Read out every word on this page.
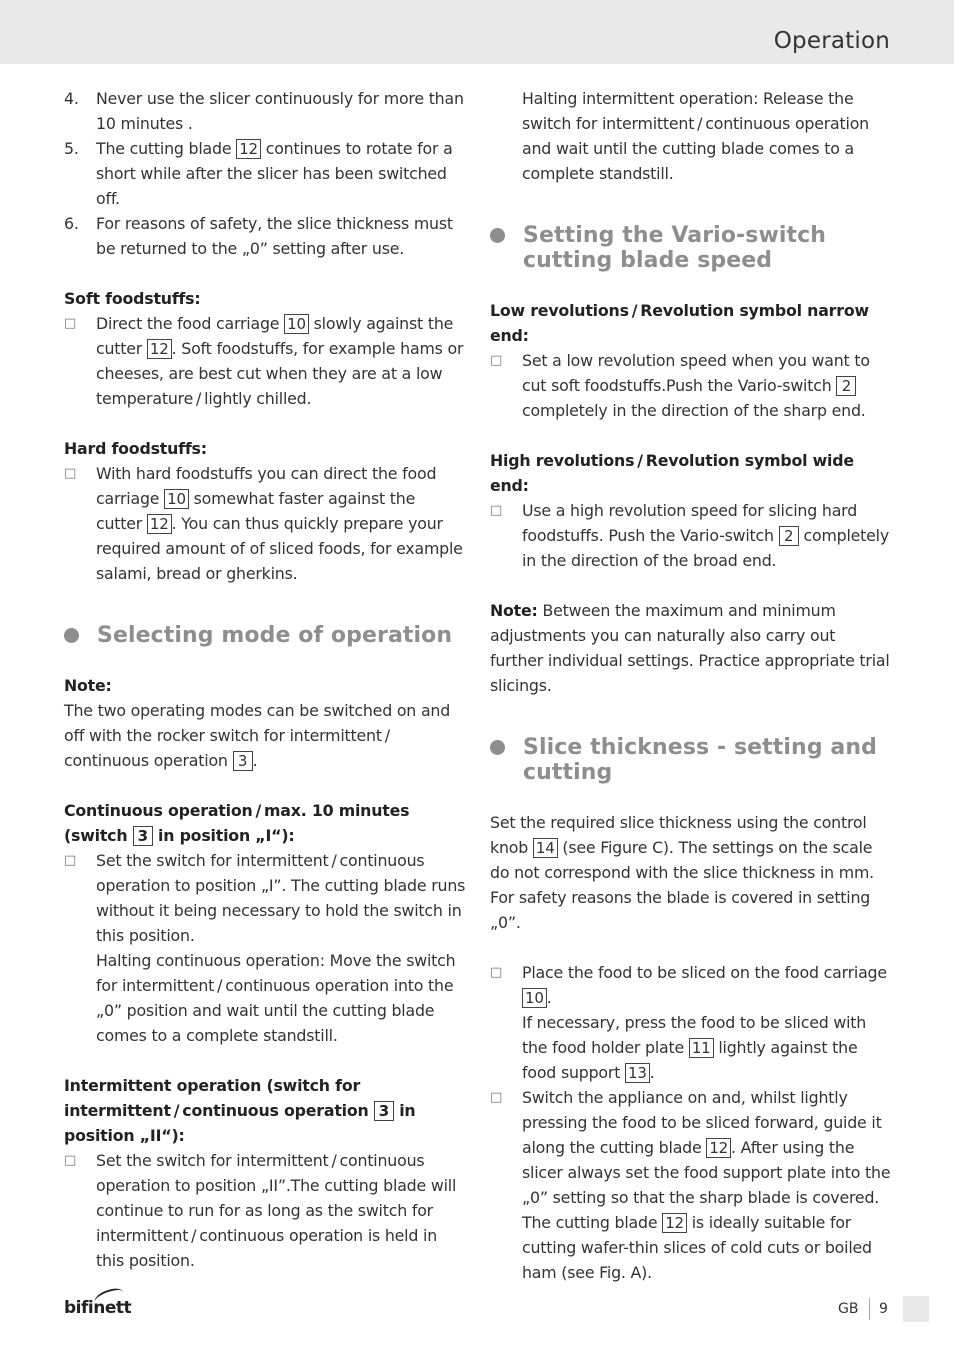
Operation
4.	Never use the slicer continuously for more than 10 minutes .
5.	The cutting blade 12 continues to rotate for a short while after the slicer has been switched off.
6.	For reasons of safety, the slice thickness must be returned to the „0” setting after use.
Soft foodstuffs:
□	Direct the food carriage 10 slowly against the cutter 12 . Soft foodstuffs, for example hams or cheeses, are best cut when they are at a low temperature / lightly chilled.
Hard foodstuffs:
□	With hard foodstuffs you can direct the food carriage 10 somewhat faster against the cutter 12 . You can thus quickly prepare your required amount of of sliced foods, for example salami, bread or gherkins.
Selecting mode of operation
Note:
The two operating modes can be switched on and off with the rocker switch for intermittent / continuous operation 3 .
Continuous operation / max. 10 minutes (switch 3 in position „I“):
□	Set the switch for intermittent / continuous operation to position „I”. The cutting blade runs without it being necessary to hold the switch in this position.
Halting continuous operation: Move the switch for intermittent / continuous operation into the „0” position and wait until the cutting blade comes to a complete standstill.
Intermittent operation (switch for intermittent / continuous operation 3 in position „II“):
□	Set the switch for intermittent / continuous operation to position „II”.The cutting blade will continue to run for as long as the switch for intermittent / continuous operation is held in this position.
Halting intermittent operation: Release the switch for intermittent / continuous operation and wait until the cutting blade comes to a complete standstill.
Setting the Vario-switch cutting blade speed
Low revolutions / Revolution symbol narrow end:
□	Set a low revolution speed when you want to cut soft foodstuffs.Push the Vario-switch 2 completely in the direction of the sharp end.
High revolutions / Revolution symbol wide end:
□	Use a high revolution speed for slicing hard foodstuffs. Push the Vario-switch 2 completely in the direction of the broad end.
Note: Between the maximum and minimum adjustments you can naturally also carry out further individual settings. Practice appropriate trial slicings.
Slice thickness - setting and cutting
Set the required slice thickness using the control knob 14 (see Figure C). The settings on the scale do not correspond with the slice thickness in mm. For safety reasons the blade is covered in setting „0”.
□	Place the food to be sliced on the food carriage 10 .
If necessary, press the food to be sliced with the food holder plate 11 lightly against the food support 13 .
□	Switch the appliance on and, whilst lightly pressing the food to be sliced forward, guide it along the cutting blade 12 . After using the slicer always set the food support plate into the „0” setting so that the sharp blade is covered.
The cutting blade 12 is ideally suitable for cutting wafer-thin slices of cold cuts or boiled ham (see Fig. A).
bifinett	GB 9
